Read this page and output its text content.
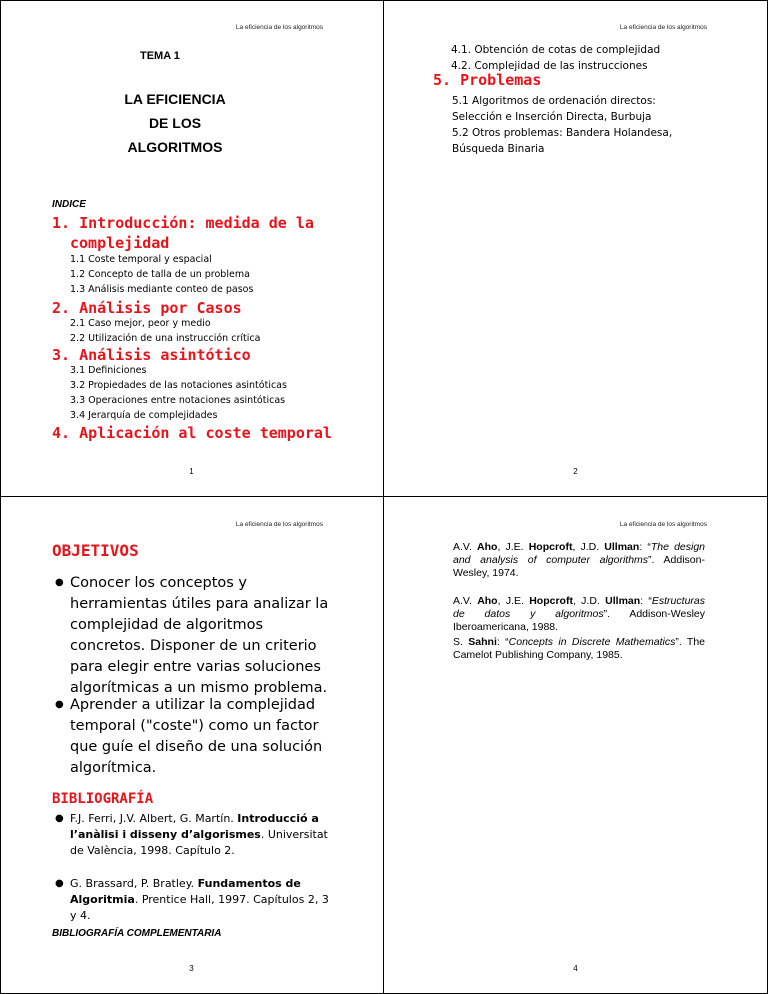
La eficiencia de los algoritmos
TEMA 1
LA EFICIENCIA
DE LOS
ALGORITMOS
INDICE
1. Introducción: medida de la
complejidad
1.1 Coste temporal y espacial
1.2 Concepto de talla de un problema
1.3 Análisis mediante conteo de pasos
2. Análisis por Casos
2.1 Caso mejor, peor y medio
2.2 Utilización de una instrucción crítica
3. Análisis asintótico
3.1 Definiciones
3.2 Propiedades de las notaciones asintóticas
3.3 Operaciones entre notaciones asintóticas
3.4 Jerarquía de complejidades
4. Aplicación al coste temporal
1
La eficiencia de los algoritmos
4.1. Obtención de cotas de complejidad
4.2. Complejidad de las instrucciones
5. Problemas
5.1 Algoritmos de ordenación directos:
Selección e Inserción Directa, Burbuja
5.2 Otros problemas: Bandera Holandesa,
Búsqueda Binaria
2
La eficiencia de los algoritmos
OBJETIVOS
● Conocer los conceptos y herramientas útiles para analizar la complejidad de algoritmos concretos. Disponer de un criterio para elegir entre varias soluciones algorítmicas a un mismo problema.
● Aprender a utilizar la complejidad temporal ("coste") como un factor que guíe el diseño de una solución algorítmica.
BIBLIOGRAFÍA
● F.J. Ferri, J.V. Albert, G. Martín. Introducció a l’anàlisi i disseny d’algorismes. Universitat de València, 1998. Capítulo 2.
● G. Brassard, P. Bratley. Fundamentos de Algoritmia. Prentice Hall, 1997. Capítulos 2, 3 y 4.
BIBLIOGRAFÍA COMPLEMENTARIA
3
La eficiencia de los algoritmos
A.V. Aho, J.E. Hopcroft, J.D. Ullman: “The design and analysis of computer algorithms”. Addison-Wesley, 1974.
A.V. Aho, J.E. Hopcroft, J.D. Ullman: “Estructuras de datos y algoritmos”. Addison-Wesley Iberoamericana, 1988.
S. Sahni: “Concepts in Discrete Mathematics”. The Camelot Publishing Company, 1985.
4
